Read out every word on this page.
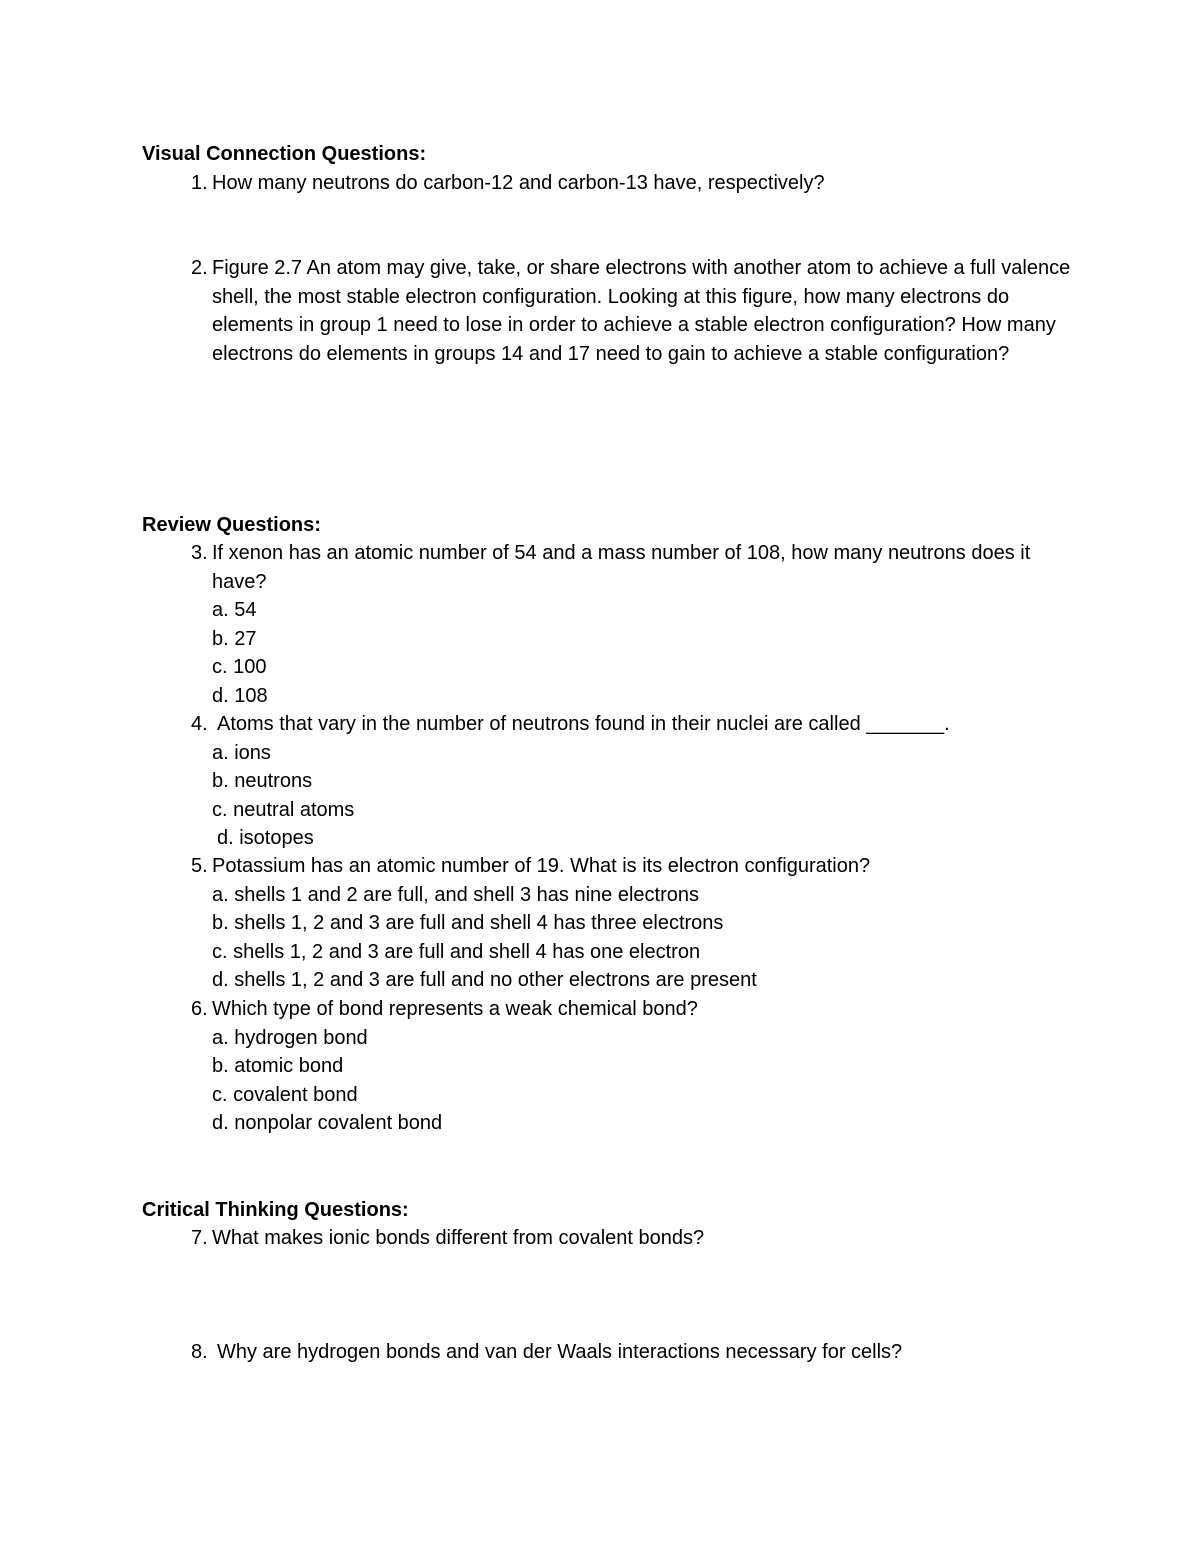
Visual Connection Questions:
1. How many neutrons do carbon-12 and carbon-13 have, respectively?
2. Figure 2.7 An atom may give, take, or share electrons with another atom to achieve a full valence shell, the most stable electron configuration. Looking at this figure, how many electrons do elements in group 1 need to lose in order to achieve a stable electron configuration? How many electrons do elements in groups 14 and 17 need to gain to achieve a stable configuration?
Review Questions:
3. If xenon has an atomic number of 54 and a mass number of 108, how many neutrons does it have?
a. 54
b. 27
c. 100
d. 108
4. Atoms that vary in the number of neutrons found in their nuclei are called _______.
a. ions
b. neutrons
c. neutral atoms
d. isotopes
5. Potassium has an atomic number of 19. What is its electron configuration?
a. shells 1 and 2 are full, and shell 3 has nine electrons
b. shells 1, 2 and 3 are full and shell 4 has three electrons
c. shells 1, 2 and 3 are full and shell 4 has one electron
d. shells 1, 2 and 3 are full and no other electrons are present
6. Which type of bond represents a weak chemical bond?
a. hydrogen bond
b. atomic bond
c. covalent bond
d. nonpolar covalent bond
Critical Thinking Questions:
7. What makes ionic bonds different from covalent bonds?
8. Why are hydrogen bonds and van der Waals interactions necessary for cells?
